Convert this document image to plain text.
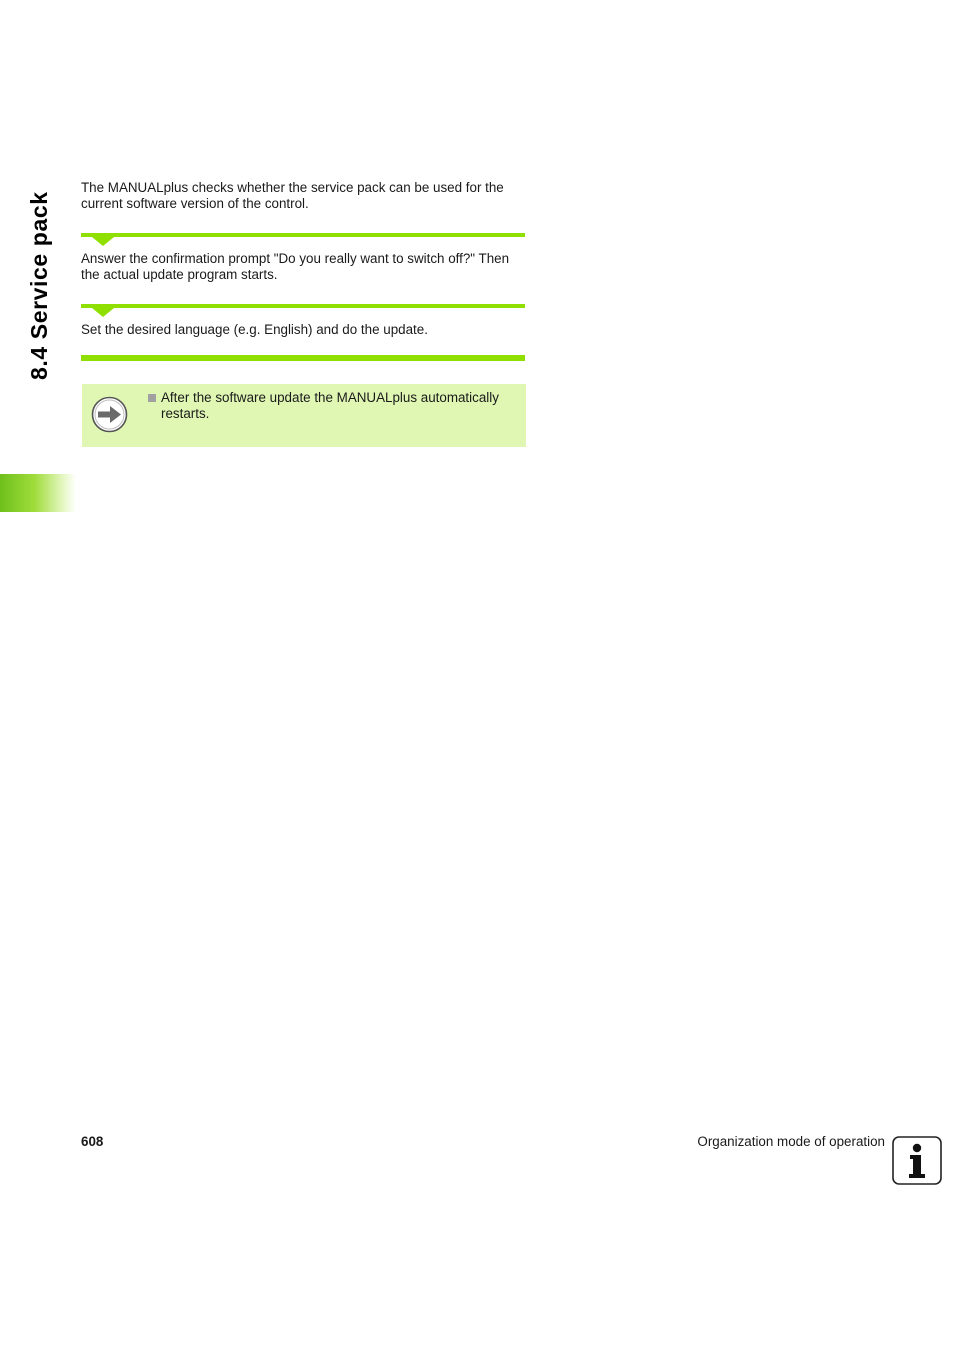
8.4 Service pack

The MANUALplus checks whether the service pack can be used for the current software version of the control.

Answer the confirmation prompt "Do you really want to switch off?" Then the actual update program starts.

Set the desired language (e.g. English) and do the update.

After the software update the MANUALplus automatically restarts.
608	Organization mode of operation
